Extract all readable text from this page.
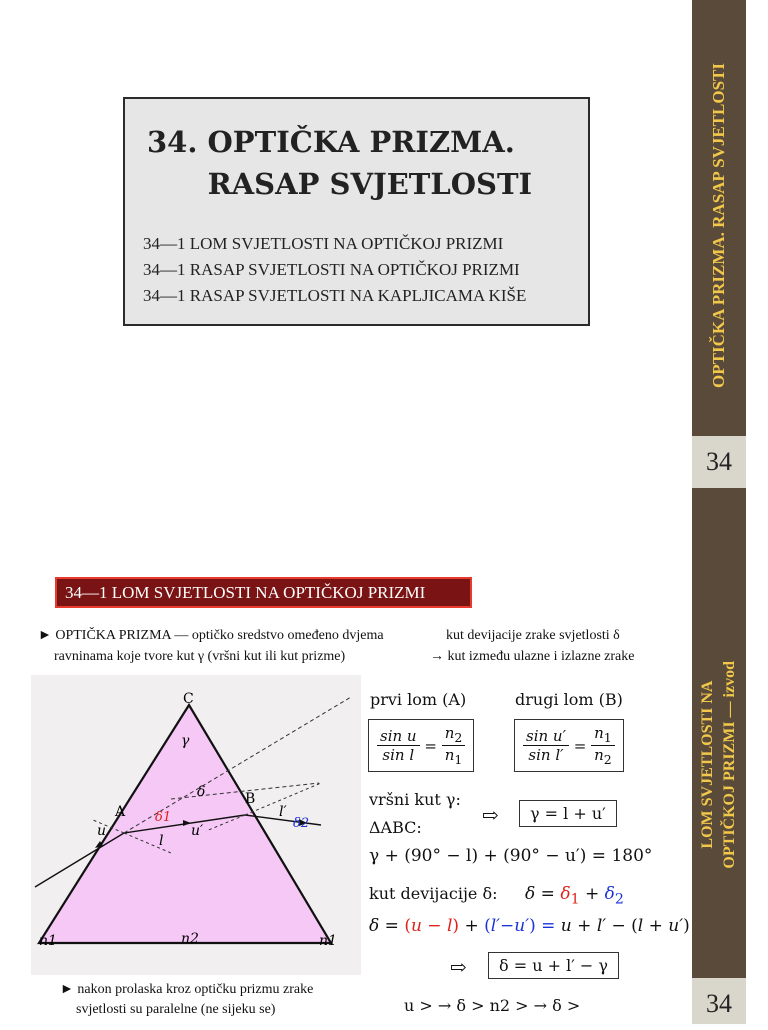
OPTIČKA PRIZMA. RASAP SVJETLOSTI
34
LOM SVJETLOSTI NA
OPTIČKOJ PRIZMI — izvod
34
34. OPTIČKA PRIZMA.
RASAP SVJETLOSTI
34—1 LOM SVJETLOSTI NA OPTIČKOJ PRIZMI
34—1 RASAP SVJETLOSTI NA OPTIČKOJ PRIZMI
34—1 RASAP SVJETLOSTI NA KAPLJICAMA KIŠE
34—1 LOM SVJETLOSTI NA OPTIČKOJ PRIZMI
► OPTIČKA PRIZMA — optičko sredstvo omeđeno dvjema
ravninama koje tvore kut γ (vršni kut ili kut prizme)
kut devijacije zrake svjetlosti δ
→ kut između ulazne i izlazne zrake
C
γ
A
B
δ
δ1	δ2
u	u′
l
l′
n1	n2	n1
prvi lom (A)	drugi lom (B)
$\frac{\text{sin u}}{\text{sin l}} = \frac{n_2}{n_1}$	$\frac{\text{sin u′}}{\text{sin l′}} = \frac{n_1}{n_2}$
vršni kut γ:
ΔABC:
⇨	γ = l + u′
γ + (90° − l) + (90° − u′) = 180°
kut devijacije δ: $\delta = \delta_1 + \delta_2$
δ = (u − l) + (l′−u′) = u + l′ − (l + u′)
⇨	δ = u + l′ − γ
► nakon prolaska kroz optičku prizmu zrake
svjetlosti su paralelne (ne sijeku se)	u > → δ > n2 > → δ >
